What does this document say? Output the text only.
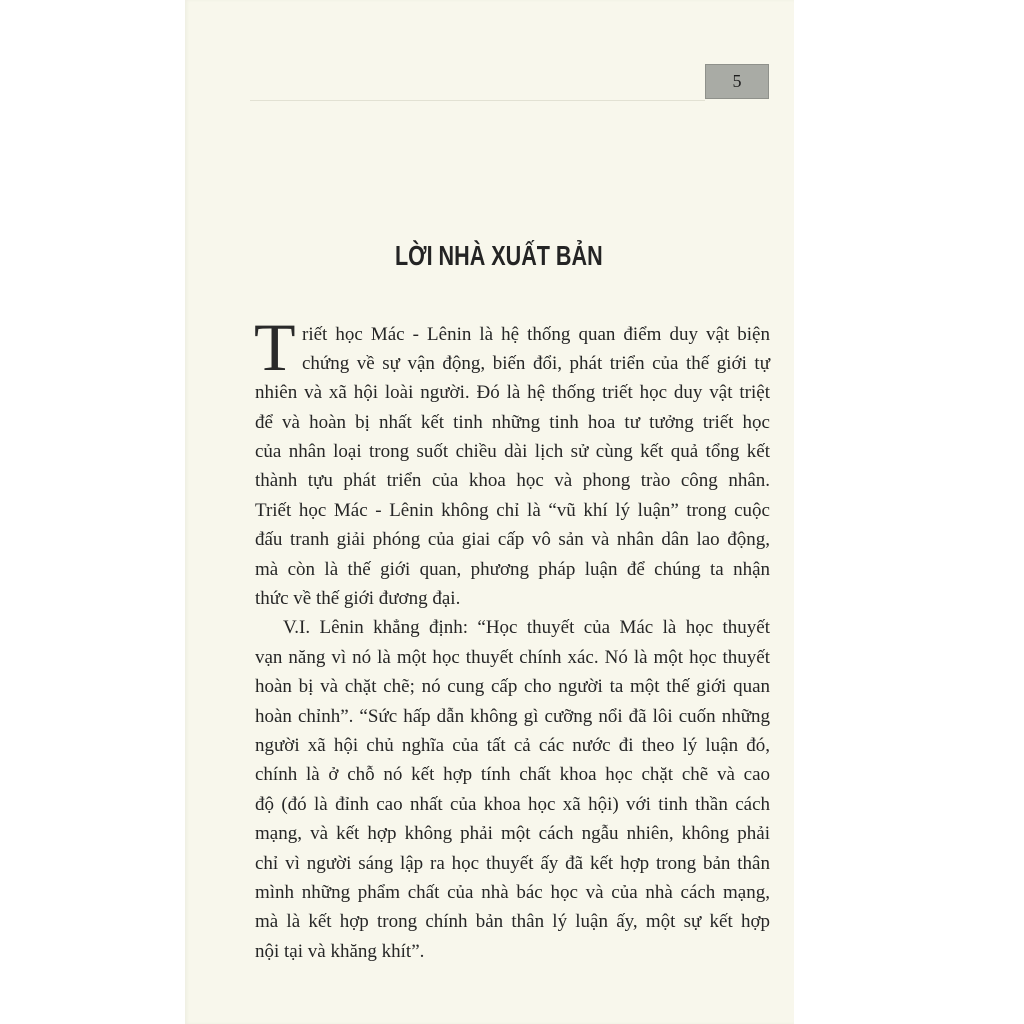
5
LỜI NHÀ XUẤT BẢN
T riết học Mác - Lênin là hệ thống quan điểm duy vật biện
chứng về sự vận động, biến đổi, phát triển của thế giới tự
nhiên và xã hội loài người. Đó là hệ thống triết học duy vật triệt
để và hoàn bị nhất kết tinh những tinh hoa tư tưởng triết học
của nhân loại trong suốt chiều dài lịch sử cùng kết quả tổng kết
thành tựu phát triển của khoa học và phong trào công nhân.
Triết học Mác - Lênin không chỉ là “vũ khí lý luận” trong cuộc
đấu tranh giải phóng của giai cấp vô sản và nhân dân lao động,
mà còn là thế giới quan, phương pháp luận để chúng ta nhận
thức về thế giới đương đại.
V.I. Lênin khẳng định: “Học thuyết của Mác là học thuyết
vạn năng vì nó là một học thuyết chính xác. Nó là một học thuyết
hoàn bị và chặt chẽ; nó cung cấp cho người ta một thế giới quan
hoàn chỉnh”. “Sức hấp dẫn không gì cưỡng nổi đã lôi cuốn những
người xã hội chủ nghĩa của tất cả các nước đi theo lý luận đó,
chính là ở chỗ nó kết hợp tính chất khoa học chặt chẽ và cao
độ (đó là đỉnh cao nhất của khoa học xã hội) với tinh thần cách
mạng, và kết hợp không phải một cách ngẫu nhiên, không phải
chỉ vì người sáng lập ra học thuyết ấy đã kết hợp trong bản thân
mình những phẩm chất của nhà bác học và của nhà cách mạng,
mà là kết hợp trong chính bản thân lý luận ấy, một sự kết hợp
nội tại và khăng khít”.
